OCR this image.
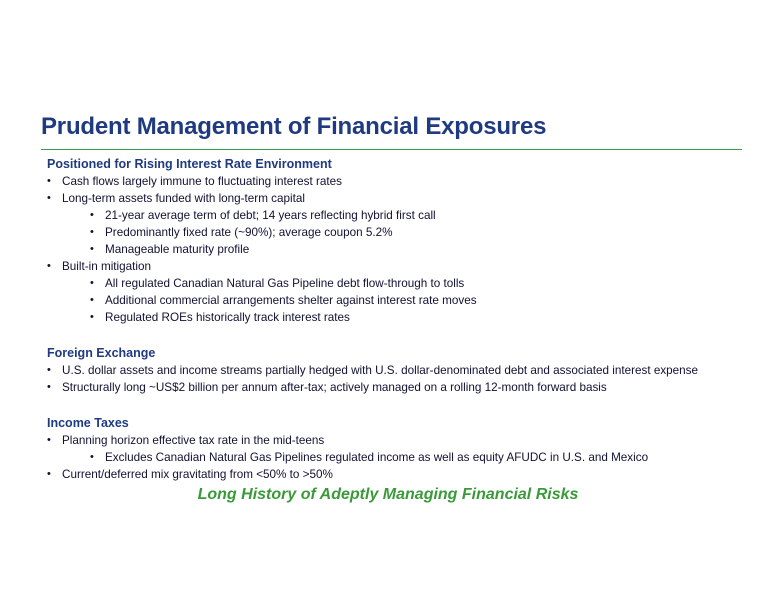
Prudent Management of Financial Exposures
Positioned for Rising Interest Rate Environment
• Cash flows largely immune to fluctuating interest rates
• Long-term assets funded with long-term capital
• 21-year average term of debt; 14 years reflecting hybrid first call
• Predominantly fixed rate (~90%); average coupon 5.2%
• Manageable maturity profile
• Built-in mitigation
• All regulated Canadian Natural Gas Pipeline debt flow-through to tolls
• Additional commercial arrangements shelter against interest rate moves
• Regulated ROEs historically track interest rates
Foreign Exchange
• U.S. dollar assets and income streams partially hedged with U.S. dollar-denominated debt and associated interest expense
• Structurally long ~US$2 billion per annum after-tax; actively managed on a rolling 12-month forward basis
Income Taxes
• Planning horizon effective tax rate in the mid-teens
• Excludes Canadian Natural Gas Pipelines regulated income as well as equity AFUDC in U.S. and Mexico
• Current/deferred mix gravitating from <50% to >50%
Long History of Adeptly Managing Financial Risks
